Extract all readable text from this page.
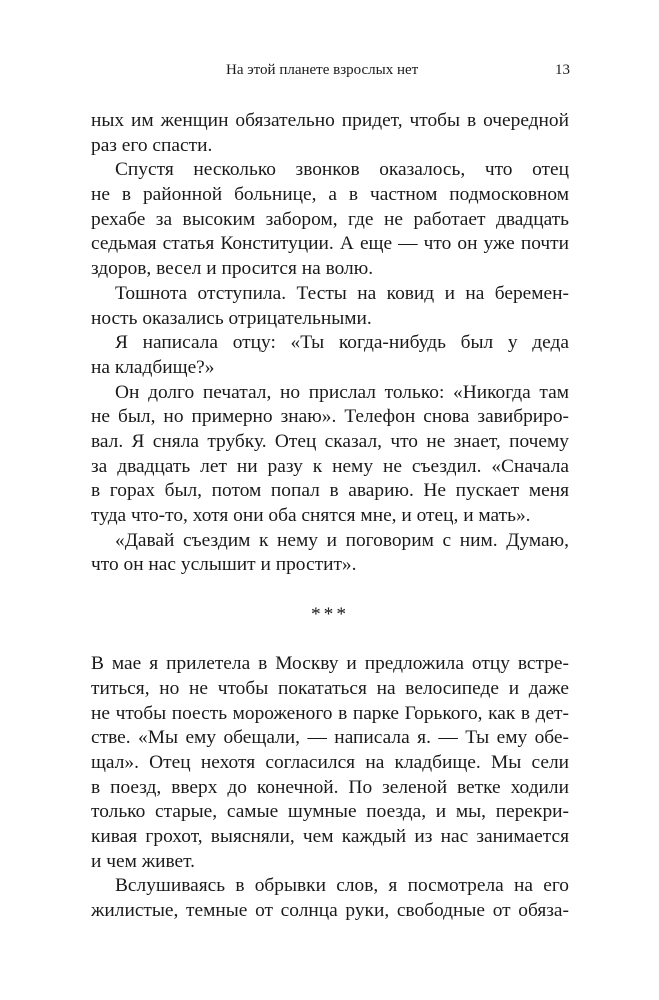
На этой планете взрослых нет	13
ных им женщин обязательно придет, чтобы в очередной
раз его спасти.
Спустя несколько звонков оказалось, что отец
не в районной больнице, а в частном подмосковном
рехабе за высоким забором, где не работает двадцать
седьмая статья Конституции. А еще — что он уже почти
здоров, весел и просится на волю.
Тошнота отступила. Тесты на ковид и на беремен-
ность оказались отрицательными.
Я написала отцу: «Ты когда-нибудь был у деда
на кладбище?»
Он долго печатал, но прислал только: «Никогда там
не был, но примерно знаю». Телефон снова завибриро-
вал. Я сняла трубку. Отец сказал, что не знает, почему
за двадцать лет ни разу к нему не съездил. «Сначала
в горах был, потом попал в аварию. Не пускает меня
туда что-то, хотя они оба снятся мне, и отец, и мать».
«Давай съездим к нему и поговорим с ним. Думаю,
что он нас услышит и простит».
***
В мае я прилетела в Москву и предложила отцу встре-
титься, но не чтобы покататься на велосипеде и даже
не чтобы поесть мороженого в парке Горького, как в дет-
стве. «Мы ему обещали, — написала я. — Ты ему обе-
щал». Отец нехотя согласился на кладбище. Мы сели
в поезд, вверх до конечной. По зеленой ветке ходили
только старые, самые шумные поезда, и мы, перекри-
кивая грохот, выясняли, чем каждый из нас занимается
и чем живет.
Вслушиваясь в обрывки слов, я посмотрела на его
жилистые, темные от солнца руки, свободные от обяза-
